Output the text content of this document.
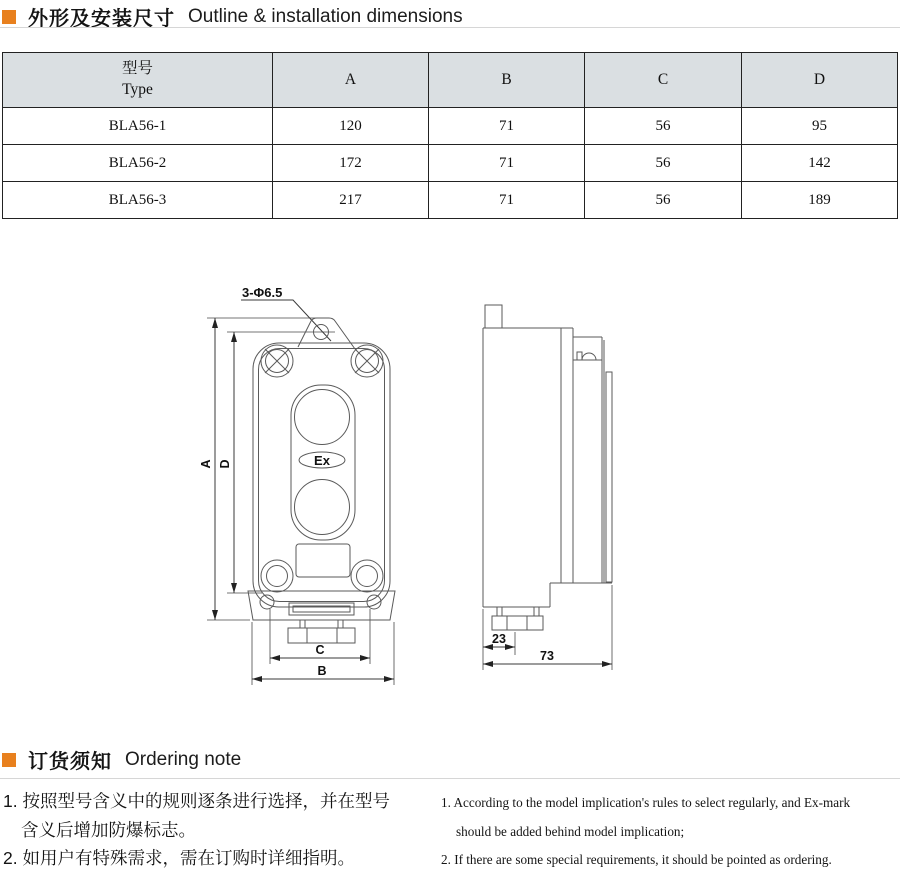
外形及安装尺寸 Outline & installation dimensions
型号
Type	A	B	C	D
BLA56-1	120	71	56	95
BLA56-2	172	71	56	142
BLA56-3	217	71	56	189
A D
C
B
3-Φ6.5
Ex
23
73
订货须知 Ordering note
1. 按照型号含义中的规则逐条进行选择，并在型号
含义后增加防爆标志。
2. 如用户有特殊需求，需在订购时详细指明。
1. According to the model implication's rules to select regularly, and Ex-mark
should be added behind model implication;
2. If there are some special requirements, it should be pointed as ordering.
